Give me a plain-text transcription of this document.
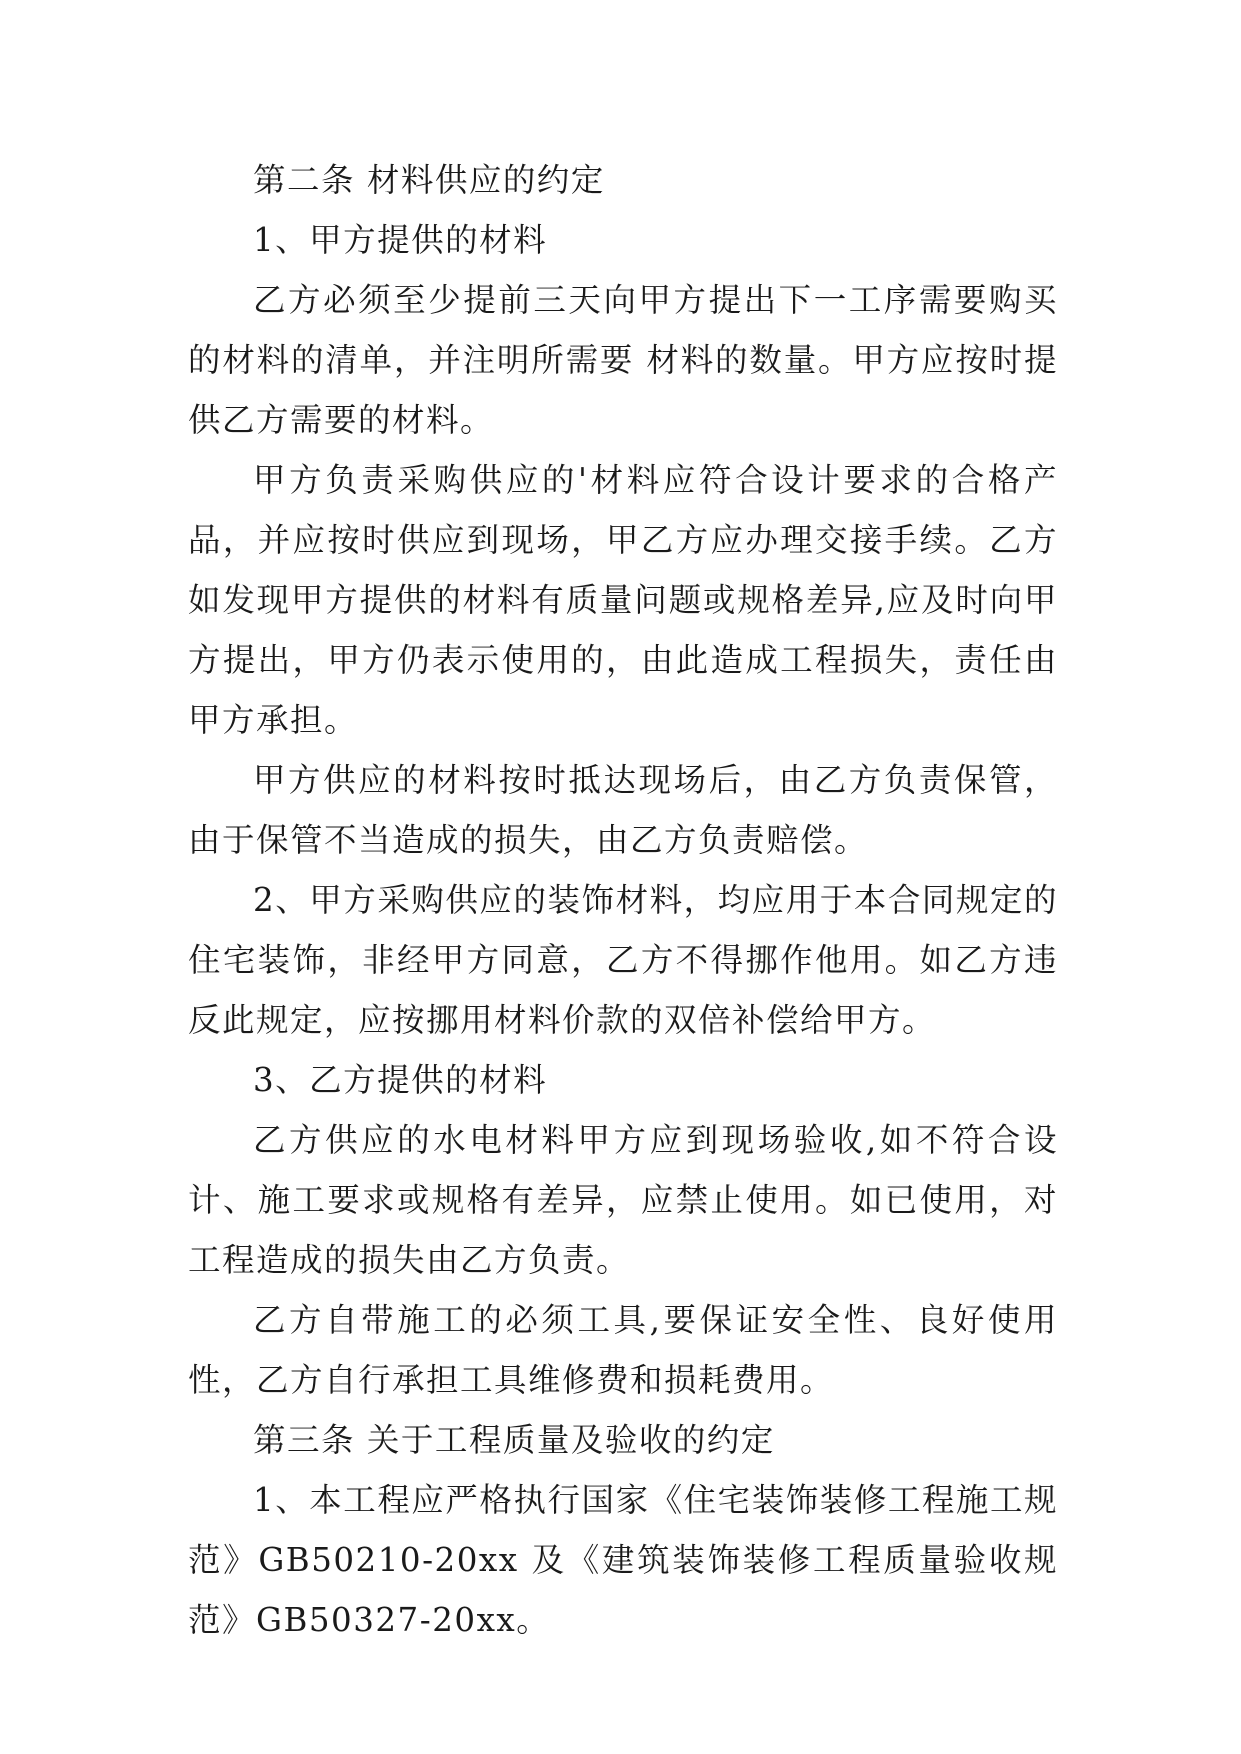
第二条 材料供应的约定

1、甲方提供的材料

乙方必须至少提前三天向甲方提出下一工序需要购买的材料的清单，并注明所需要 材料的数量。甲方应按时提供乙方需要的材料。

甲方负责采购供应的'材料应符合设计要求的合格产品，并应按时供应到现场，甲乙方应办理交接手续。乙方如发现甲方提供的材料有质量问题或规格差异,应及时向甲方提出，甲方仍表示使用的，由此造成工程损失，责任由甲方承担。

甲方供应的材料按时抵达现场后，由乙方负责保管，由于保管不当造成的损失，由乙方负责赔偿。

2、甲方采购供应的装饰材料，均应用于本合同规定的住宅装饰，非经甲方同意，乙方不得挪作他用。如乙方违反此规定，应按挪用材料价款的双倍补偿给甲方。

3、乙方提供的材料

乙方供应的水电材料甲方应到现场验收,如不符合设计、施工要求或规格有差异，应禁止使用。如已使用，对工程造成的损失由乙方负责。

乙方自带施工的必须工具,要保证安全性、良好使用性，乙方自行承担工具维修费和损耗费用。

第三条 关于工程质量及验收的约定

1、本工程应严格执行国家《住宅装饰装修工程施工规范》GB50210-20xx 及《建筑装饰装修工程质量验收规范》GB50327-20xx。
